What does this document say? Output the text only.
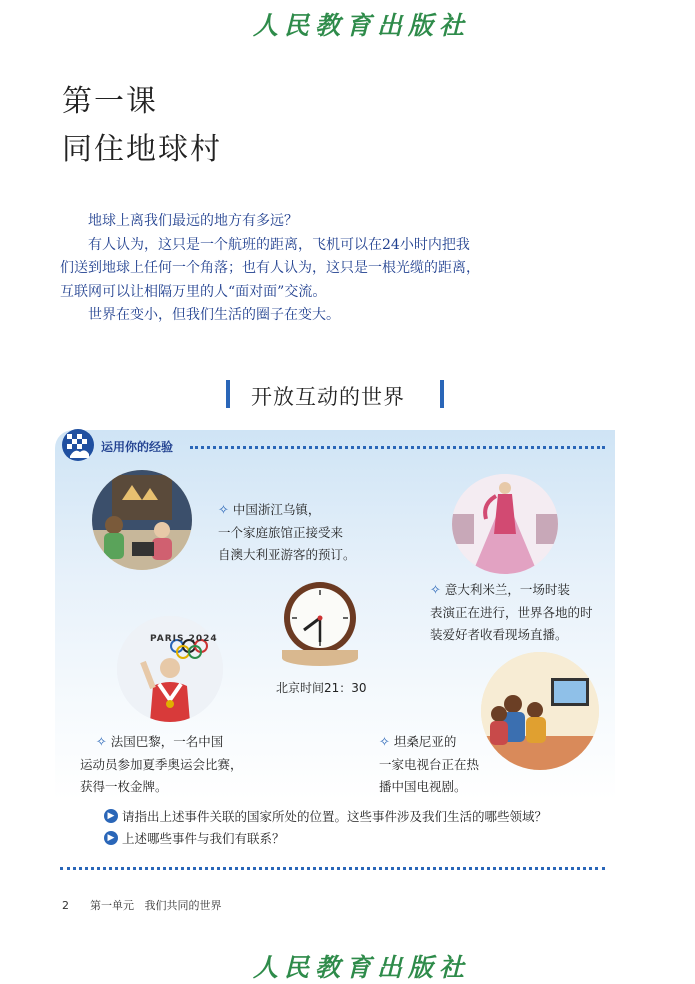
人民教育出版社
第一课
同住地球村

地球上离我们最远的地方有多远？

有人认为，这只是一个航班的距离，飞机可以在24小时内把我们送到地球上任何一个角落；也有人认为，这只是一根光缆的距离，互联网可以让相隔万里的人“面对面”交流。

世界在变小，但我们生活的圈子在变大。

开放互动的世界
运用你的经验
✧ 中国浙江乌镇，
一个家庭旅馆正接受来
自澳大利亚游客的预订。
✧ 意大利米兰，一场时装
表演正在进行，世界各地的时
装爱好者收看现场直播。
北京时间21：30
PARIS 2024
✧ 法国巴黎，一名中国
运动员参加夏季奥运会比赛，
获得一枚金牌。
✧ 坦桑尼亚的
一家电视台正在热
播中国电视剧。
▶ 请指出上述事件关联的国家所处的位置。这些事件涉及我们生活的哪些领域？
▶ 上述哪些事件与我们有联系？
2 第一单元 我们共同的世界
人民教育出版社
